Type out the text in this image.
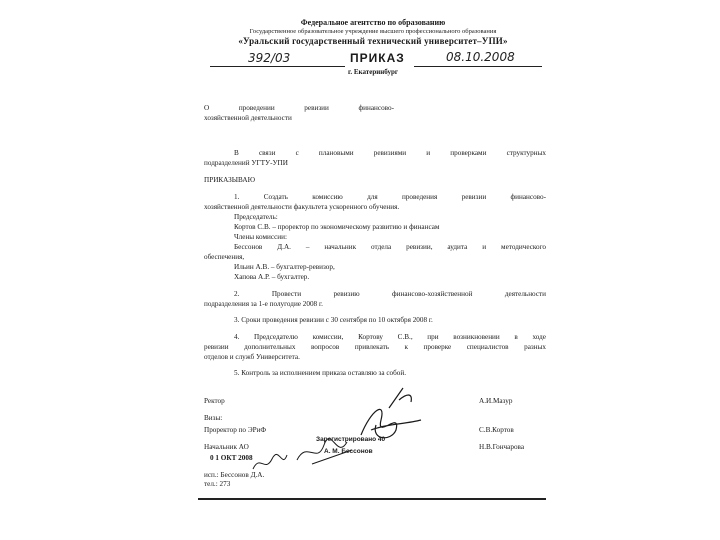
Федеральное агентство по образованию
Государственное образовательное учреждение высшего профессионального образования
«Уральский государственный технический университет–УПИ»
392/03	ПРИКАЗ	08.10.2008
г. Екатеринбург
О проведении ревизии финансово-
хозяйственной деятельности
В связи с плановыми ревизиями и проверками структурных
подразделений УГТУ-УПИ
ПРИКАЗЫВАЮ
1. Создать комиссию для проведения ревизии финансово-
хозяйственной деятельности факультета ускоренного обучения.
Председатель:
Кортов С.В. – проректор по экономическому развитию и финансам
Члены комиссии:
Бессонов Д.А. – начальник отдела ревизии, аудита и методического
обеспечения,
Ильин А.В. – бухгалтер-ревизор,
Хапова А.Р. – бухгалтер.
2. Провести ревизию финансово-хозяйственной деятельности
подразделения за 1-е полугодие 2008 г.
3. Сроки проведения ревизии с 30 сентября по 10 октября 2008 г.
4. Председателю комиссии, Кортову С.В., при возникновении в ходе
ревизии дополнительных вопросов привлекать к проверке специалистов разных
отделов и служб Университета.
5. Контроль за исполнением приказа оставляю за собой.
Ректор	А.И.Мазур
Визы:
Проректор по ЭРиФ	С.В.Кортов
Зарегистрировано 40
А. М. Бессонов
Начальник АО	Н.В.Гончарова
0 1 ОКТ 2008
исп.: Бессонов Д.А.
тел.: 273
